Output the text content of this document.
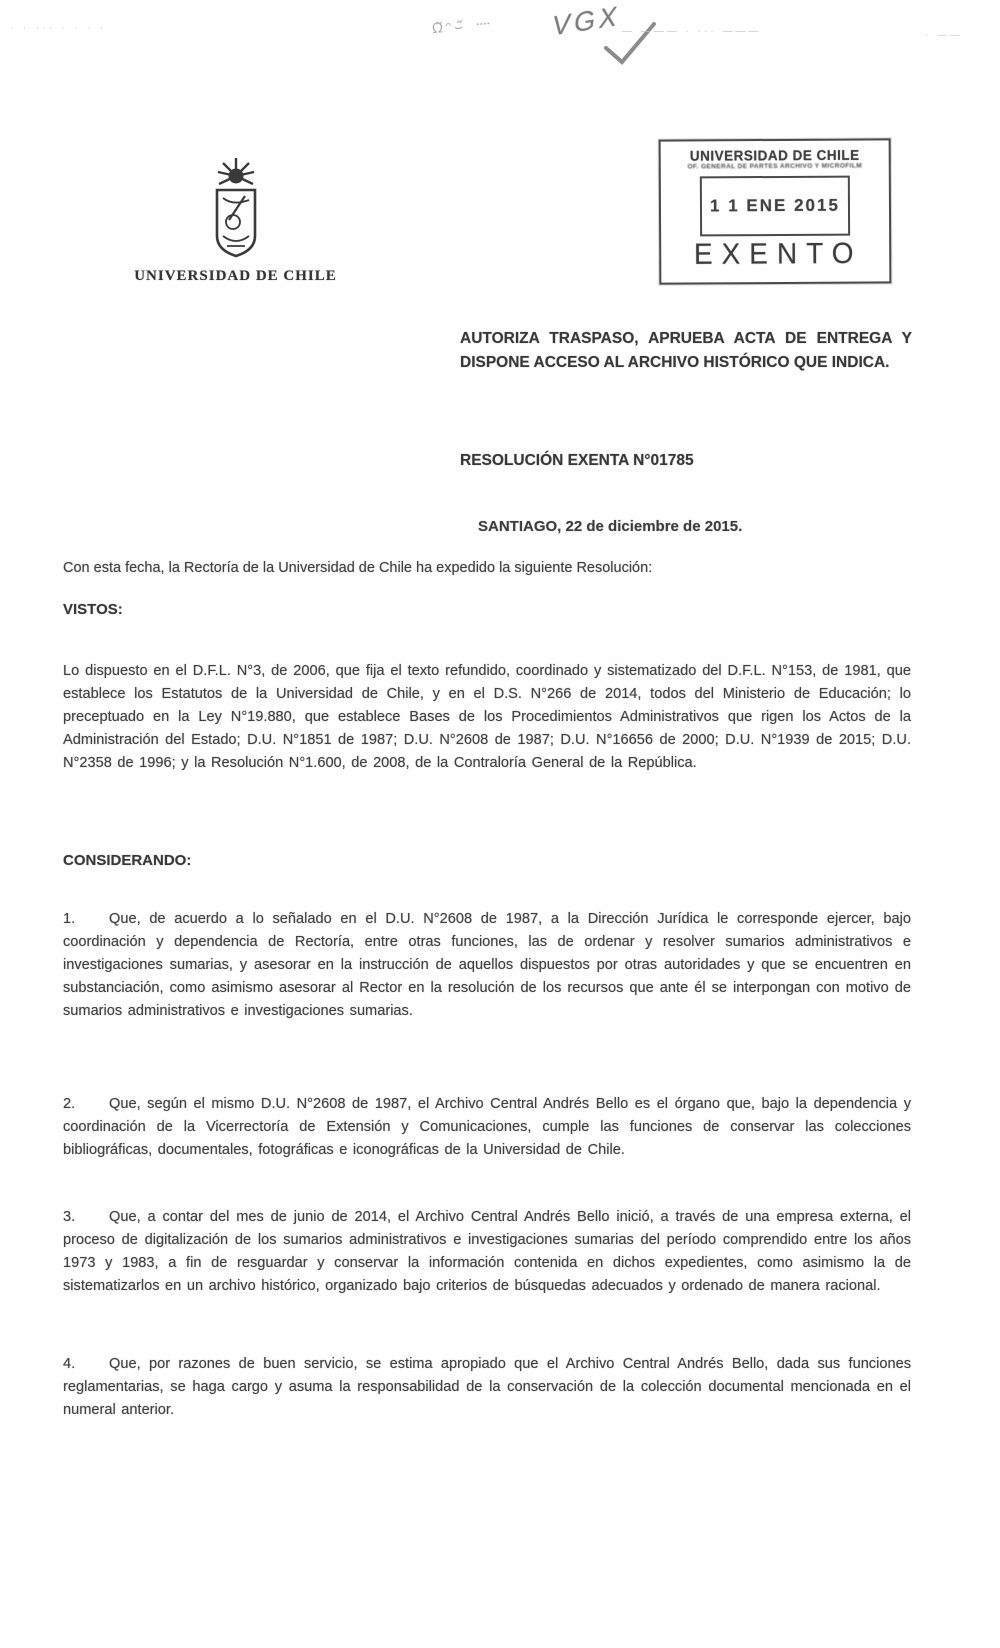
· · ··· · · · ·	ᘯ᷉ᵔ⌣᷉ ᠁ VGX — ——— · ··· ———	· ——
UNIVERSIDAD DE CHILE
UNIVERSIDAD DE CHILE
OF. GENERAL DE PARTES ARCHIVO Y MICROFILM
1 1 ENE 2015
EXENTO
AUTORIZA TRASPASO, APRUEBA ACTA DE ENTREGA Y DISPONE ACCESO AL ARCHIVO HISTÓRICO QUE INDICA.
RESOLUCIÓN EXENTA N°01785
SANTIAGO, 22 de diciembre de 2015.
Con esta fecha, la Rectoría de la Universidad de Chile ha expedido la siguiente Resolución:
VISTOS:

Lo dispuesto en el D.F.L. N°3, de 2006, que fija el texto refundido, coordinado y sistematizado del D.F.L. N°153, de 1981, que establece los Estatutos de la Universidad de Chile, y en el D.S. N°266 de 2014, todos del Ministerio de Educación; lo preceptuado en la Ley N°19.880, que establece Bases de los Procedimientos Administrativos que rigen los Actos de la Administración del Estado; D.U. N°1851 de 1987; D.U. N°2608 de 1987; D.U. N°16656 de 2000; D.U. N°1939 de 2015; D.U. N°2358 de 1996; y la Resolución N°1.600, de 2008, de la Contraloría General de la República.

CONSIDERANDO:

1. Que, de acuerdo a lo señalado en el D.U. N°2608 de 1987, a la Dirección Jurídica le corresponde ejercer, bajo coordinación y dependencia de Rectoría, entre otras funciones, las de ordenar y resolver sumarios administrativos e investigaciones sumarias, y asesorar en la instrucción de aquellos dispuestos por otras autoridades y que se encuentren en substanciación, como asimismo asesorar al Rector en la resolución de los recursos que ante él se interpongan con motivo de sumarios administrativos e investigaciones sumarias.

2. Que, según el mismo D.U. N°2608 de 1987, el Archivo Central Andrés Bello es el órgano que, bajo la dependencia y coordinación de la Vicerrectoría de Extensión y Comunicaciones, cumple las funciones de conservar las colecciones bibliográficas, documentales, fotográficas e iconográficas de la Universidad de Chile.

3. Que, a contar del mes de junio de 2014, el Archivo Central Andrés Bello inició, a través de una empresa externa, el proceso de digitalización de los sumarios administrativos e investigaciones sumarias del período comprendido entre los años 1973 y 1983, a fin de resguardar y conservar la información contenida en dichos expedientes, como asimismo la de sistematizarlos en un archivo histórico, organizado bajo criterios de búsquedas adecuados y ordenado de manera racional.

4. Que, por razones de buen servicio, se estima apropiado que el Archivo Central Andrés Bello, dada sus funciones reglamentarias, se haga cargo y asuma la responsabilidad de la conservación de la colección documental mencionada en el numeral anterior.
